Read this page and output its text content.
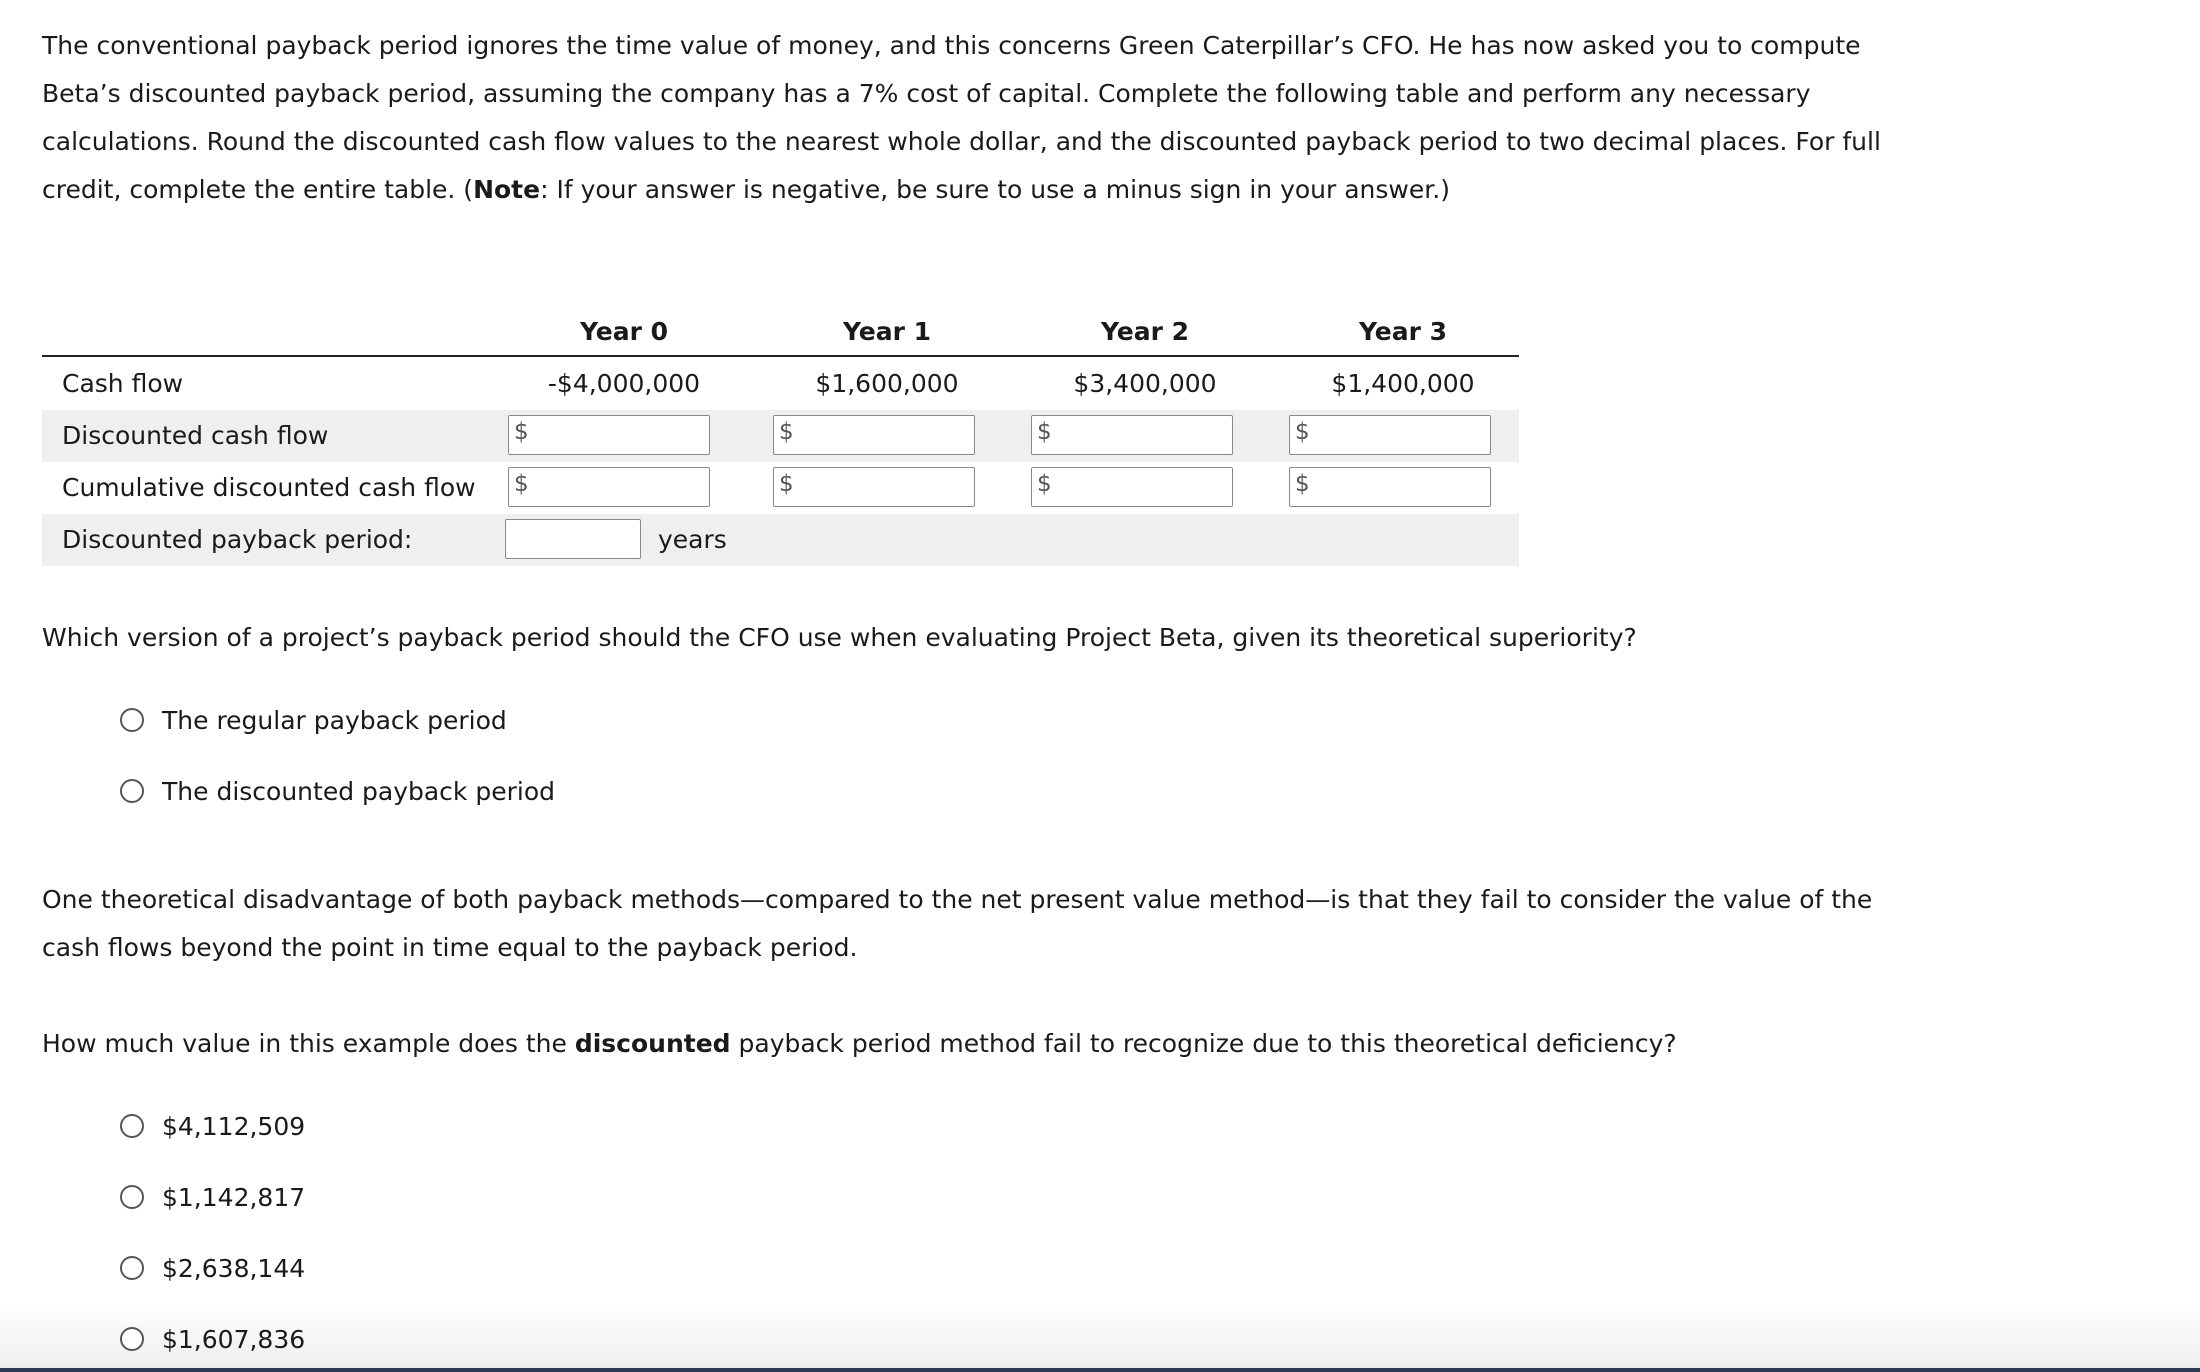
The conventional payback period ignores the time value of money, and this concerns Green Caterpillar’s CFO. He has now asked you to compute Beta’s discounted payback period, assuming the company has a 7% cost of capital. Complete the following table and perform any necessary calculations. Round the discounted cash flow values to the nearest whole dollar, and the discounted payback period to two decimal places. For full credit, complete the entire table. (Note: If your answer is negative, be sure to use a minus sign in your answer.)

Year 0	Year 1	Year 2	Year 3
Cash flow	-$4,000,000	$1,600,000	$3,400,000	$1,400,000
Discounted cash flow	$	$	$	$
Cumulative discounted cash flow $	$	$	$
Discounted payback period:	years

Which version of a project’s payback period should the CFO use when evaluating Project Beta, given its theoretical superiority?

The regular payback period
The discounted payback period

One theoretical disadvantage of both payback methods—compared to the net present value method—is that they fail to consider the value of the cash flows beyond the point in time equal to the payback period.

How much value in this example does the discounted payback period method fail to recognize due to this theoretical deficiency?

$4,112,509
$1,142,817
$2,638,144
$1,607,836
